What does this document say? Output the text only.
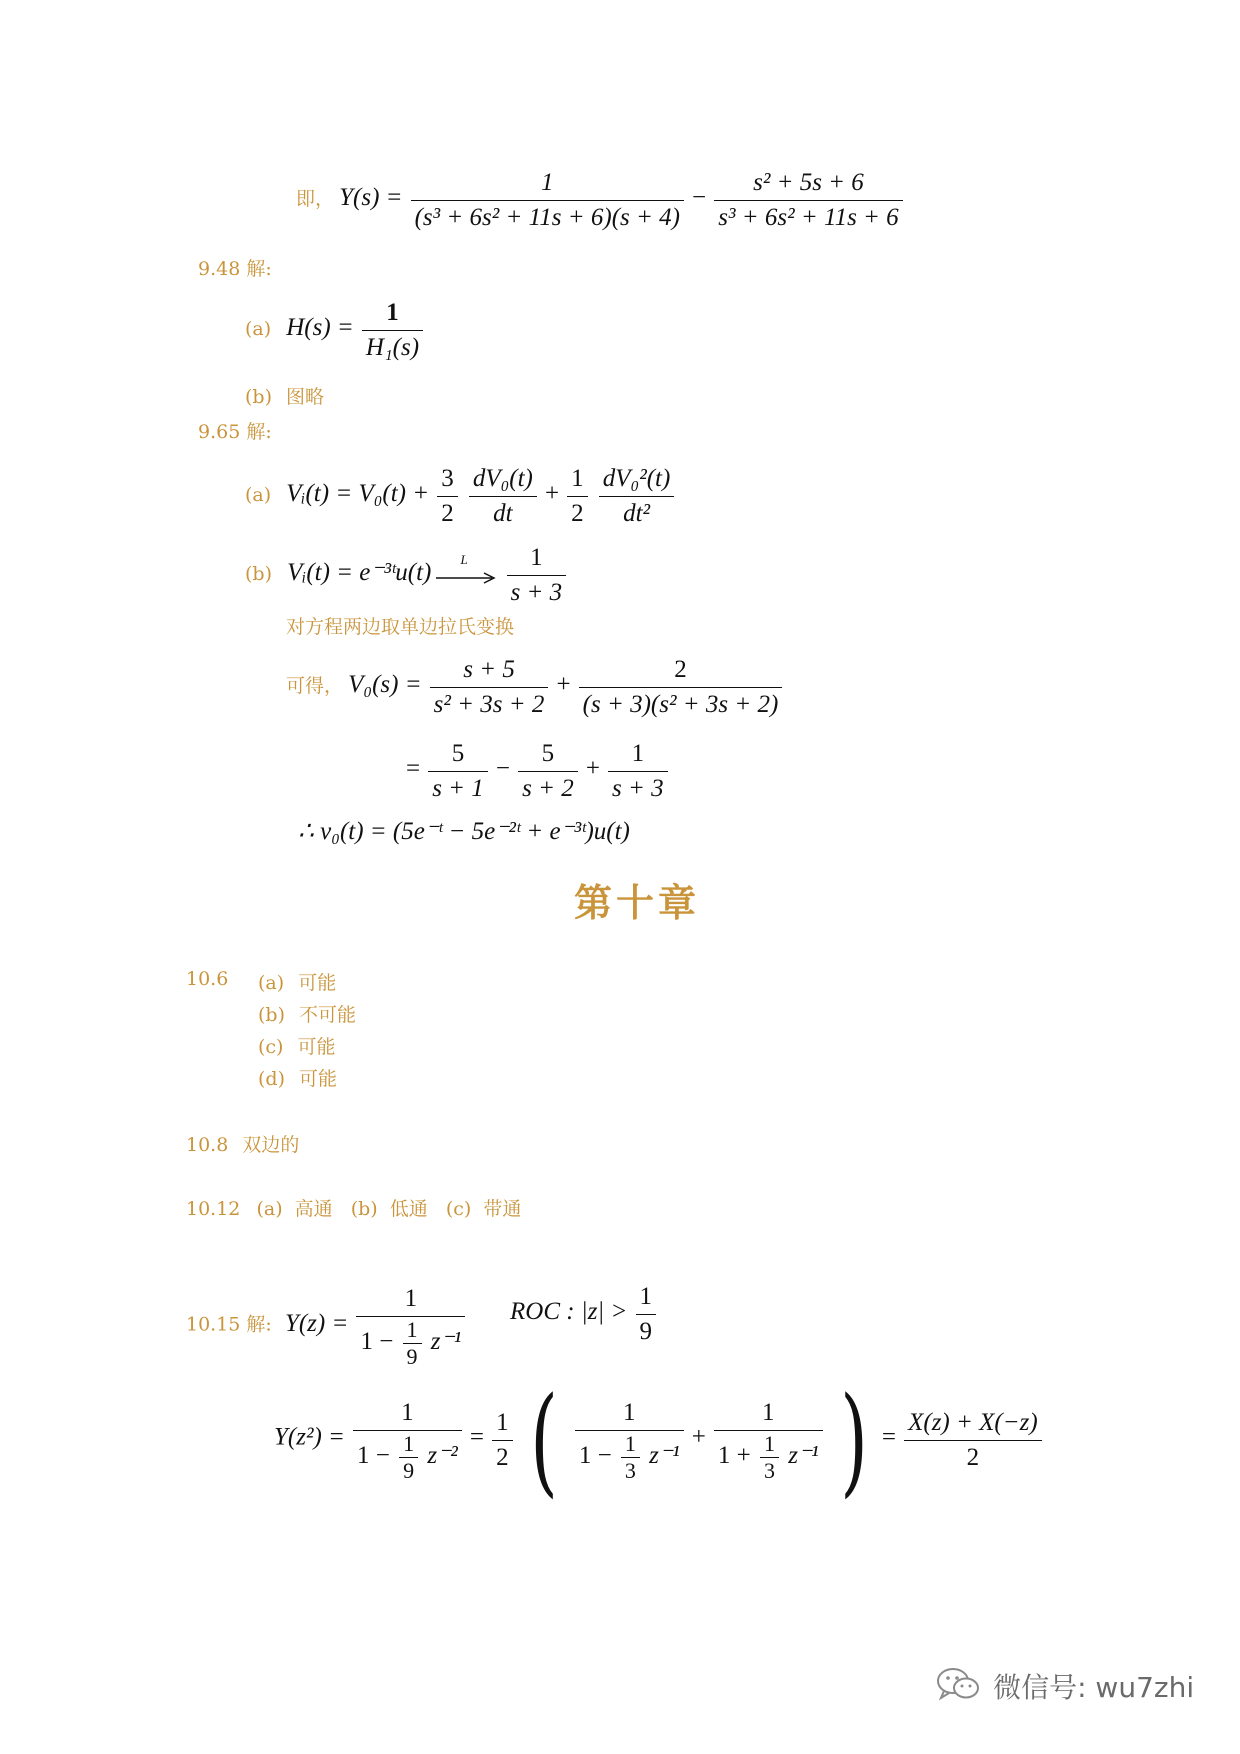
即， $Y(s) = \frac{1}{\text{(s³ + 6s² + 11s + 6)(s + 4)}} - \frac{\text{s² + 5s + 6}}{\text{s³ + 6s² + 11s + 6}}$
9.48 解:
(a) $H(s) = \frac{1}{\text{H₁(s)}}$
(b) 图略
9.65 解:
(a) Vᵢ(t) = $V_0(t) + \frac{3}{2}$
$\frac{\text{dV₀(t)}}{dt} + \frac{1}{2}$
$\frac{\text{dV₀²(t)}}{\text{dt²}}$
(b) Vᵢ(t) = e⁻³ᵗu(t) L
$\frac{1}{s + 3}$
对方程两边取单边拉氏变换
可得， $V_0(s) = \frac{s + 5}{\text{s² + 3s + 2}} + \frac{2}{\text{(s + 3)(s² + 3s + 2)}}$
= $\frac{5}{s + 1} - \frac{5}{s + 2} + \frac{1}{s + 3}$
∴ v₀(t) = (5e⁻ᵗ − 5e⁻²ᵗ + e⁻³ᵗ)u(t)
第十章
10.6 (a) 可能
(b) 不可能
(c) 可能
(d) 可能
10.8 双边的
10.12 (a) 高通 (b) 低通 (c) 带通
10.15 解: $Y(z) = \frac{1}{1 - \frac{1}{9} z^{-1}}$ ROC : $|z| > \frac{1}{9}$
$Y(z^2) = \frac{1}{1 - \frac{1}{9} z^{-2}} = \frac{1}{2}$ ( $\frac{1}{1 - \frac{1}{3} z^{-1}} + \frac{1}{1 + \frac{1}{3} z^{-1}}$ ) = $\frac{X(z) + X(-z)}{2}$
微信号: wu7zhi
